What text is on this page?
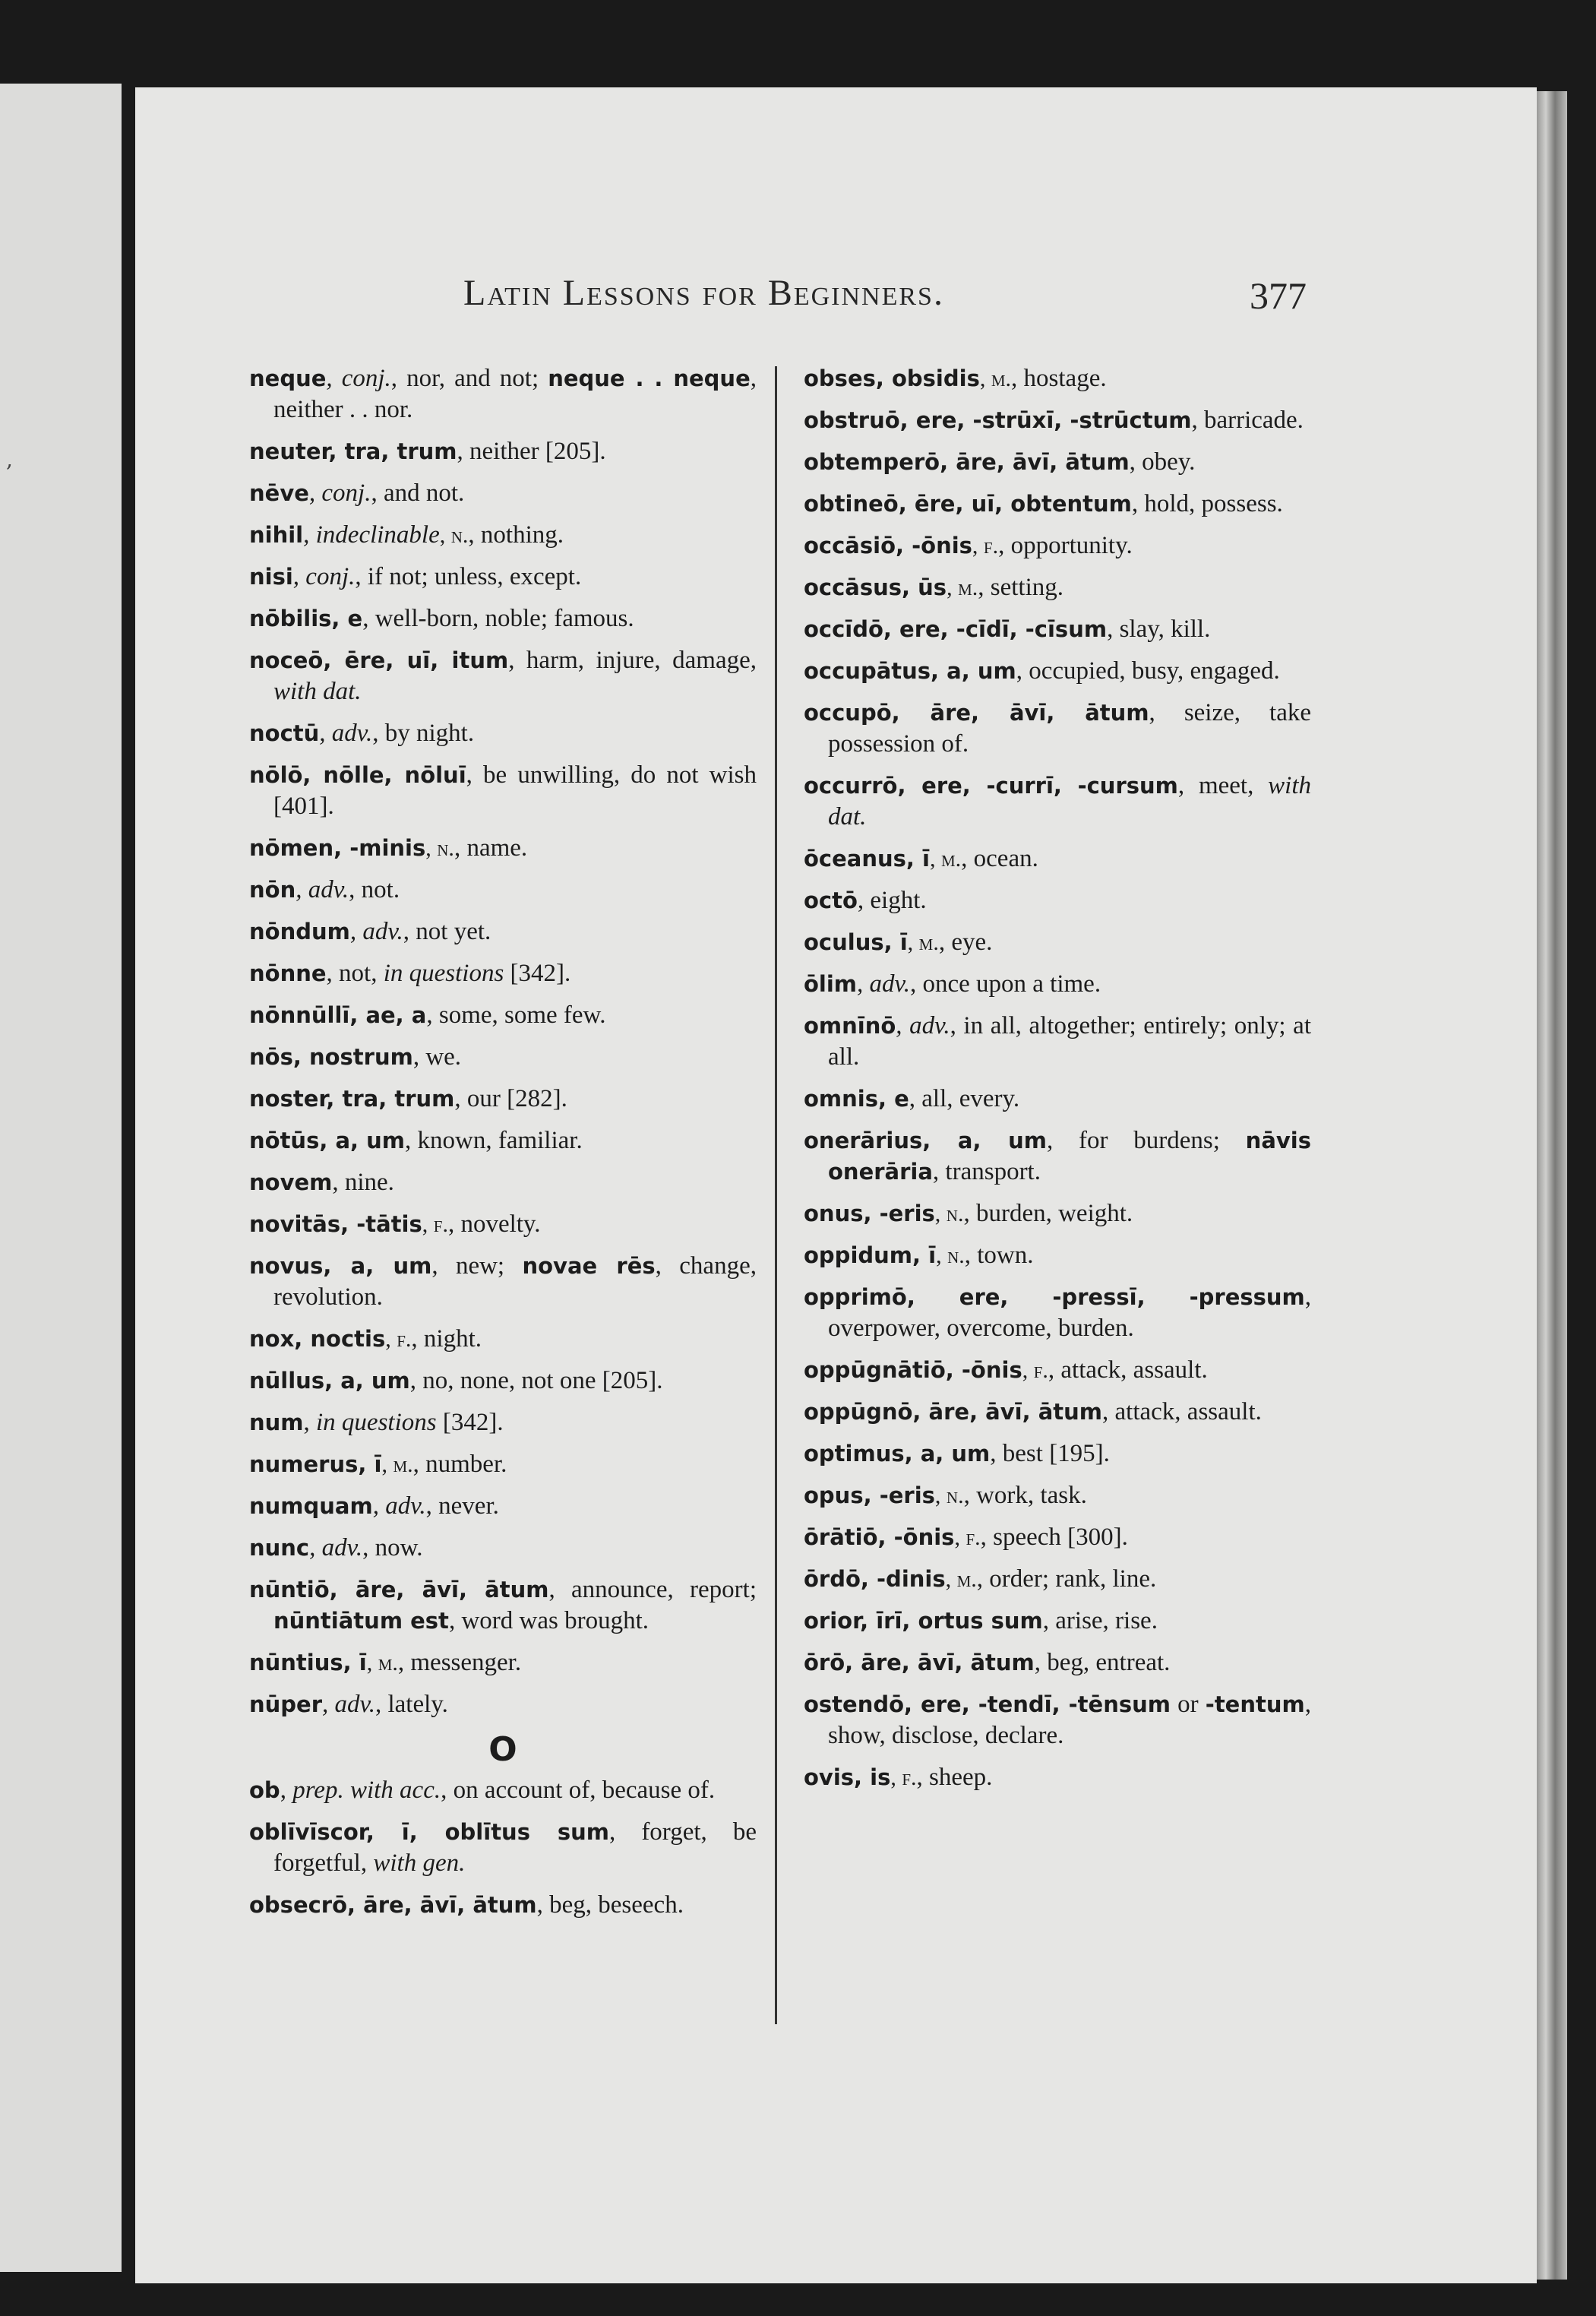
,
Latin Lessons for Beginners.	377
neque, conj., nor, and not; neque . . neque, neither . . nor.
neuter, tra, trum, neither [205].
nēve, conj., and not.
nihil, indeclinable, n., nothing.
nisi, conj., if not; unless, except.
nōbilis, e, well-born, noble; famous.
noceō, ēre, uī, itum, harm, injure, damage, with dat.
noctū, adv., by night.
nōlō, nōlle, nōluī, be unwilling, do not wish [401].
nōmen, -minis, n., name.
nōn, adv., not.
nōndum, adv., not yet.
nōnne, not, in questions [342].
nōnnūllī, ae, a, some, some few.
nōs, nostrum, we.
noster, tra, trum, our [282].
nōtūs, a, um, known, familiar.
novem, nine.
novitās, -tātis, f., novelty.
novus, a, um, new; novae rēs, change, revolution.
nox, noctis, f., night.
nūllus, a, um, no, none, not one [205].
num, in questions [342].
numerus, ī, m., number.
numquam, adv., never.
nunc, adv., now.
nūntiō, āre, āvī, ātum, announce, report; nūntiātum est, word was brought.
nūntius, ī, m., messenger.
nūper, adv., lately.
O
ob, prep. with acc., on account of, because of.
oblīvīscor, ī, oblītus sum, forget, be forgetful, with gen.
obsecrō, āre, āvī, ātum, beg, beseech.
obses, obsidis, m., hostage.
obstruō, ere, -strūxī, -strūctum, barricade.
obtemperō, āre, āvī, ātum, obey.
obtineō, ēre, uī, obtentum, hold, possess.
occāsiō, -ōnis, f., opportunity.
occāsus, ūs, m., setting.
occīdō, ere, -cīdī, -cīsum, slay, kill.
occupātus, a, um, occupied, busy, engaged.
occupō, āre, āvī, ātum, seize, take possession of.
occurrō, ere, -currī, -cursum, meet, with dat.
ōceanus, ī, m., ocean.
octō, eight.
oculus, ī, m., eye.
ōlim, adv., once upon a time.
omnīnō, adv., in all, altogether; entirely; only; at all.
omnis, e, all, every.
onerārius, a, um, for burdens; nāvis onerāria, transport.
onus, -eris, n., burden, weight.
oppidum, ī, n., town.
opprimō, ere, -pressī, -pressum, overpower, overcome, burden.
oppūgnātiō, -ōnis, f., attack, assault.
oppūgnō, āre, āvī, ātum, attack, assault.
optimus, a, um, best [195].
opus, -eris, n., work, task.
ōrātiō, -ōnis, f., speech [300].
ōrdō, -dinis, m., order; rank, line.
orior, īrī, ortus sum, arise, rise.
ōrō, āre, āvī, ātum, beg, entreat.
ostendō, ere, -tendī, -tēnsum or -tentum, show, disclose, declare.
ovis, is, f., sheep.
